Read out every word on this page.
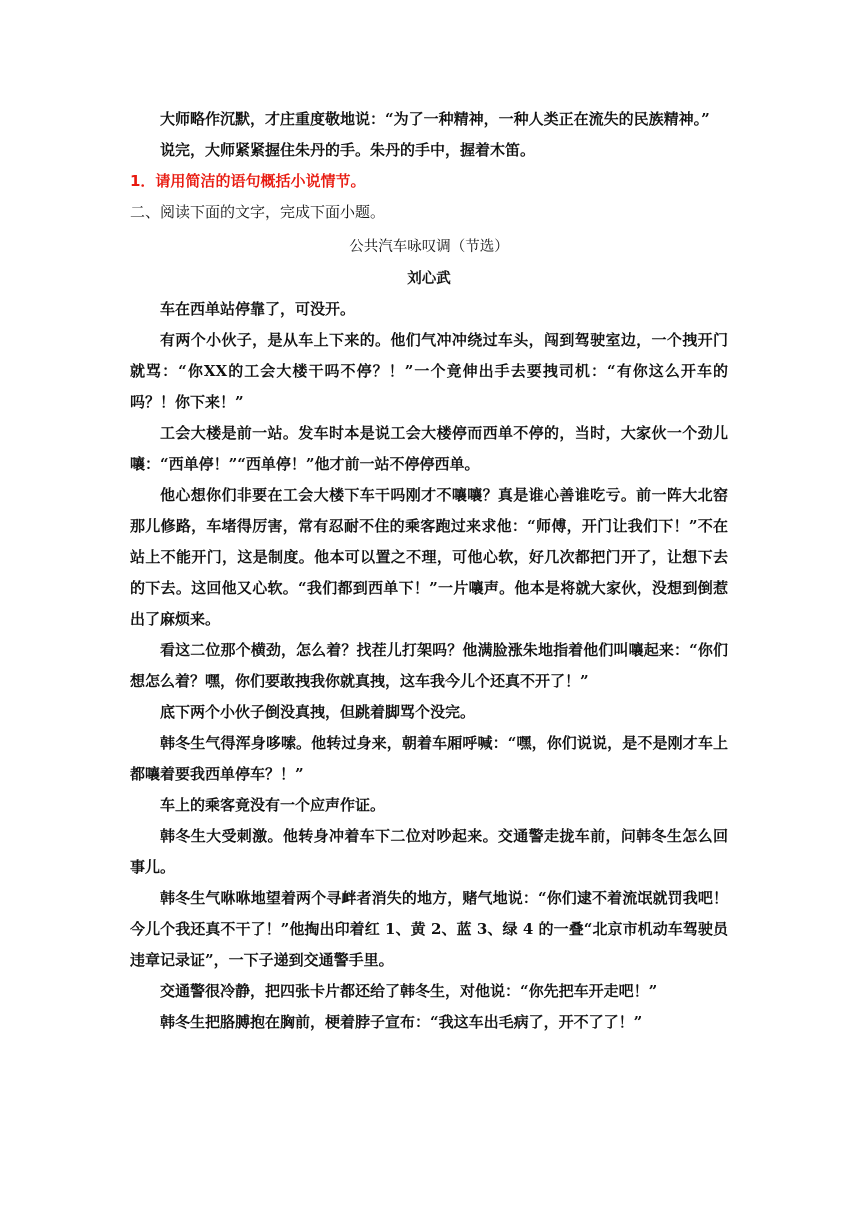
大师略作沉默，才庄重度敬地说：“为了一种精神，一种人类正在流失的民族精神。”

说完，大师紧紧握住朱丹的手。朱丹的手中，握着木笛。

1．请用简洁的语句概括小说情节。

二、阅读下面的文字，完成下面小题。

公共汽车咏叹调（节选）

刘心武

车在西单站停靠了，可没开。

有两个小伙子，是从车上下来的。他们气冲冲绕过车头，闯到驾驶室边，一个拽开门就骂：“你XX的工会大楼干吗不停？！”一个竟伸出手去要拽司机：“有你这么开车的吗？！你下来！”

工会大楼是前一站。发车时本是说工会大楼停而西单不停的，当时，大家伙一个劲儿嚷：“西单停！”“西单停！”他才前一站不停停西单。

他心想你们非要在工会大楼下车干吗刚才不嚷嚷？真是谁心善谁吃亏。前一阵大北窑那儿修路，车堵得厉害，常有忍耐不住的乘客跑过来求他：“师傅，开门让我们下！”不在站上不能开门，这是制度。他本可以置之不理，可他心软，好几次都把门开了，让想下去的下去。这回他又心软。“我们都到西单下！”一片嚷声。他本是将就大家伙，没想到倒惹出了麻烦来。

看这二位那个横劲，怎么着？找茬儿打架吗？他满脸涨朱地指着他们叫嚷起来：“你们想怎么着？嘿，你们要敢拽我你就真拽，这车我今儿个还真不开了！”

底下两个小伙子倒没真拽，但跳着脚骂个没完。

韩冬生气得浑身哆嗦。他转过身来，朝着车厢呼喊：“嘿，你们说说，是不是刚才车上都嚷着要我西单停车？！”

车上的乘客竟没有一个应声作证。

韩冬生大受刺激。他转身冲着车下二位对吵起来。交通警走拢车前，问韩冬生怎么回事儿。

韩冬生气咻咻地望着两个寻衅者消失的地方，赌气地说：“你们逮不着流氓就罚我吧！今儿个我还真不干了！”他掏出印着红 1、黄 2、蓝 3、绿 4 的一叠“北京市机动车驾驶员违章记录证”，一下子递到交通警手里。

交通警很冷静，把四张卡片都还给了韩冬生，对他说：“你先把车开走吧！”

韩冬生把胳膊抱在胸前，梗着脖子宣布：“我这车出毛病了，开不了了！”
